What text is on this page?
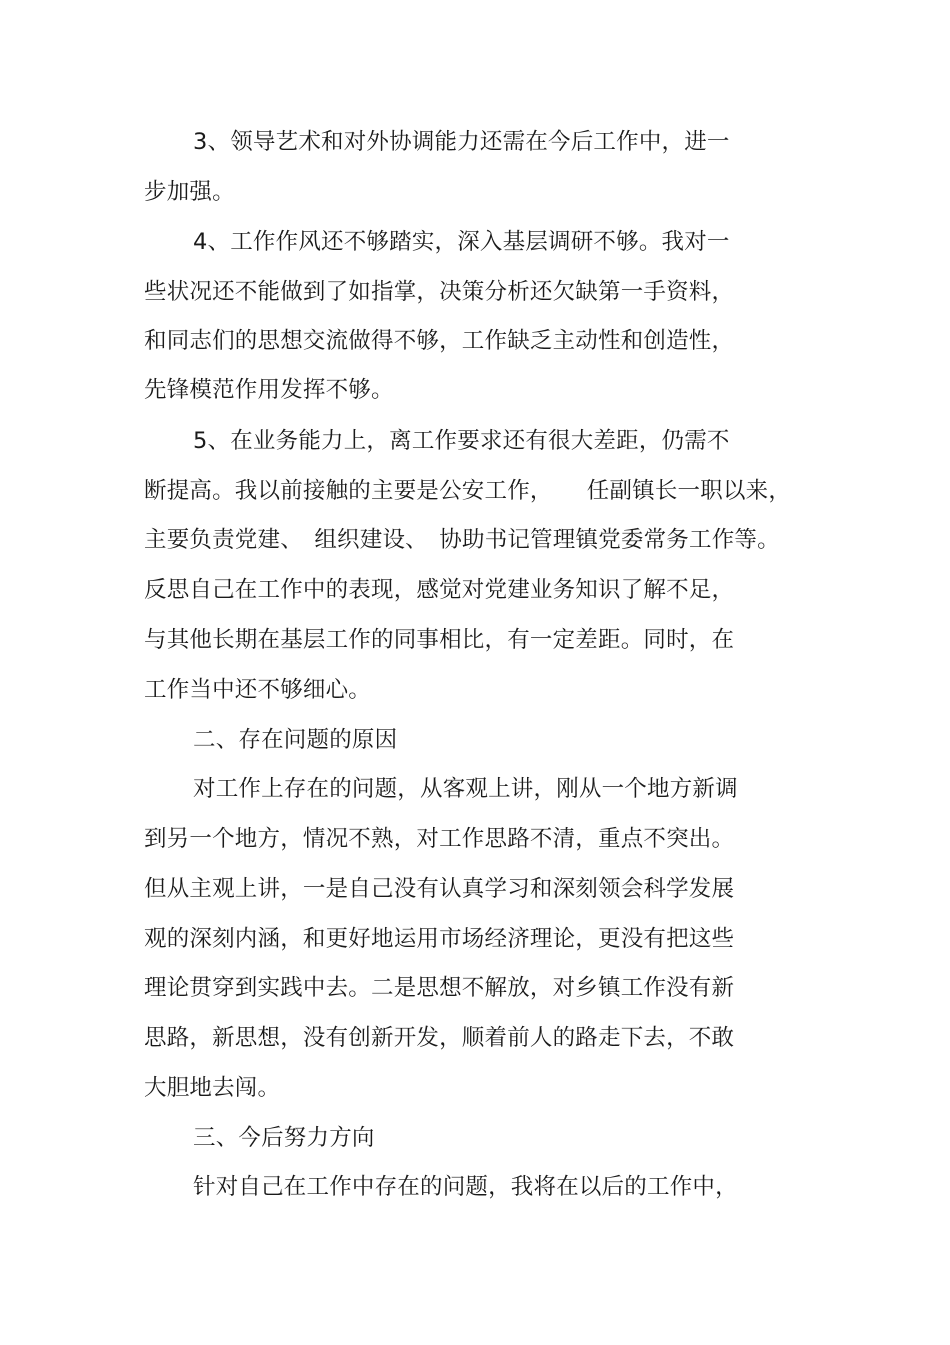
3、领导艺术和对外协调能力还需在今后工作中，进一
步加强。
4、工作作风还不够踏实，深入基层调研不够。我对一
些状况还不能做到了如指掌，决策分析还欠缺第一手资料，
和同志们的思想交流做得不够，工作缺乏主动性和创造性，
先锋模范作用发挥不够。
5、在业务能力上，离工作要求还有很大差距，仍需不
断提高。我以前接触的主要是公安工作，　　任副镇长一职以来，
主要负责党建、　组织建设、　协助书记管理镇党委常务工作等。
反思自己在工作中的表现，感觉对党建业务知识了解不足，
与其他长期在基层工作的同事相比，有一定差距。同时，在
工作当中还不够细心。
二、存在问题的原因
对工作上存在的问题，从客观上讲，刚从一个地方新调
到另一个地方，情况不熟，对工作思路不清，重点不突出。
但从主观上讲，一是自己没有认真学习和深刻领会科学发展
观的深刻内涵，和更好地运用市场经济理论，更没有把这些
理论贯穿到实践中去。二是思想不解放，对乡镇工作没有新
思路，新思想，没有创新开发，顺着前人的路走下去，不敢
大胆地去闯。
三、今后努力方向
针对自己在工作中存在的问题，我将在以后的工作中，
